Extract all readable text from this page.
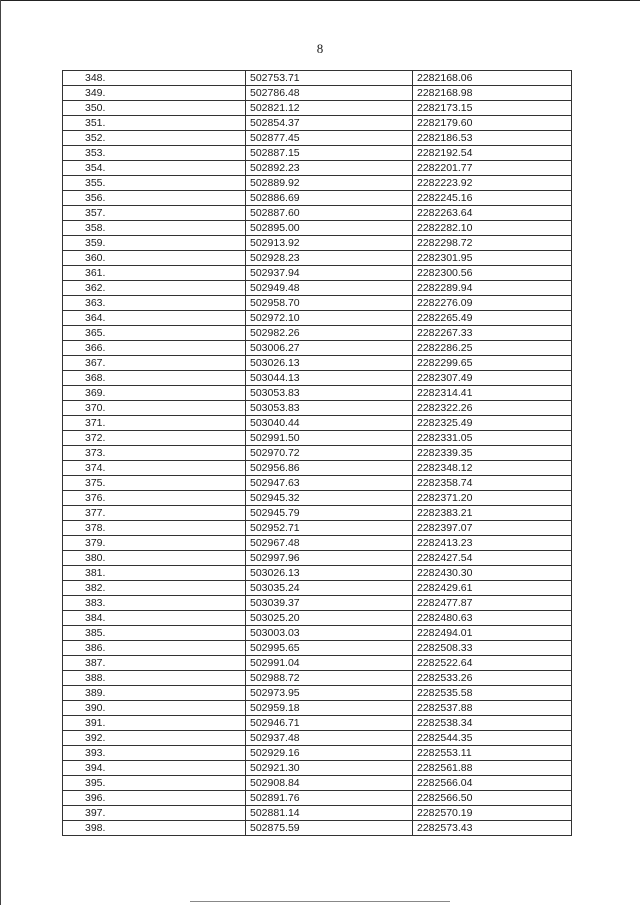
8
348.	502753.71	2282168.06
349.	502786.48	2282168.98
350.	502821.12	2282173.15
351.	502854.37	2282179.60
352.	502877.45	2282186.53
353.	502887.15	2282192.54
354.	502892.23	2282201.77
355.	502889.92	2282223.92
356.	502886.69	2282245.16
357.	502887.60	2282263.64
358.	502895.00	2282282.10
359.	502913.92	2282298.72
360.	502928.23	2282301.95
361.	502937.94	2282300.56
362.	502949.48	2282289.94
363.	502958.70	2282276.09
364.	502972.10	2282265.49
365.	502982.26	2282267.33
366.	503006.27	2282286.25
367.	503026.13	2282299.65
368.	503044.13	2282307.49
369.	503053.83	2282314.41
370.	503053.83	2282322.26
371.	503040.44	2282325.49
372.	502991.50	2282331.05
373.	502970.72	2282339.35
374.	502956.86	2282348.12
375.	502947.63	2282358.74
376.	502945.32	2282371.20
377.	502945.79	2282383.21
378.	502952.71	2282397.07
379.	502967.48	2282413.23
380.	502997.96	2282427.54
381.	503026.13	2282430.30
382.	503035.24	2282429.61
383.	503039.37	2282477.87
384.	503025.20	2282480.63
385.	503003.03	2282494.01
386.	502995.65	2282508.33
387.	502991.04	2282522.64
388.	502988.72	2282533.26
389.	502973.95	2282535.58
390.	502959.18	2282537.88
391.	502946.71	2282538.34
392.	502937.48	2282544.35
393.	502929.16	2282553.11
394.	502921.30	2282561.88
395.	502908.84	2282566.04
396.	502891.76	2282566.50
397.	502881.14	2282570.19
398.	502875.59	2282573.43
